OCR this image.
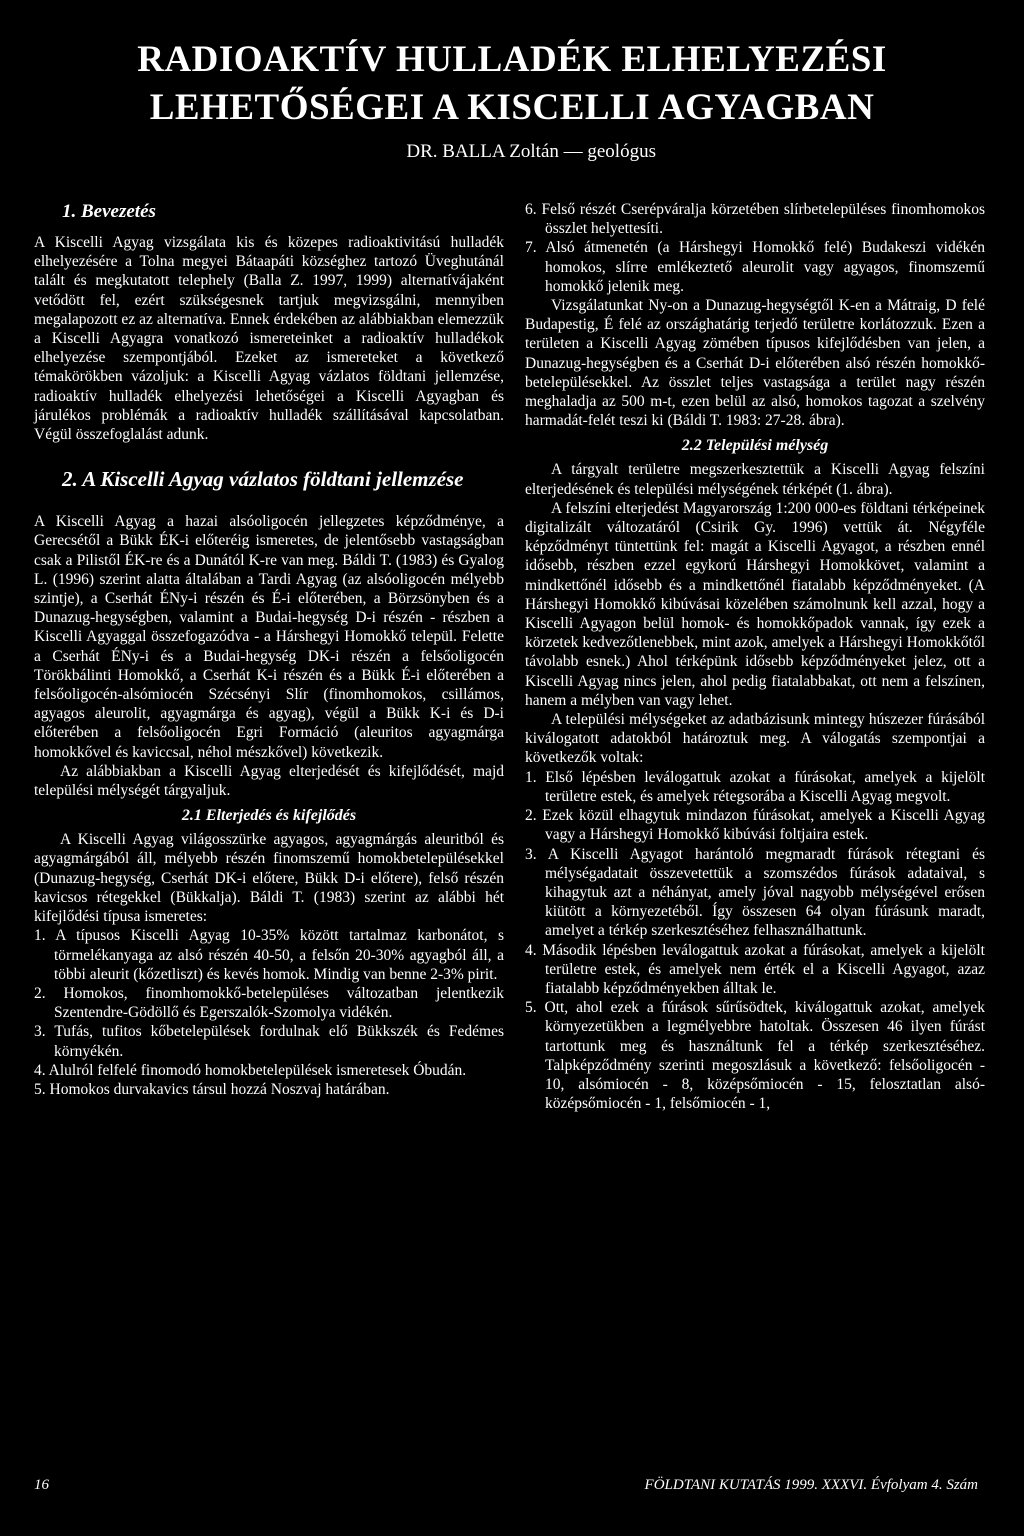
RADIOAKTÍV HULLADÉK ELHELYEZÉSI
LEHETŐSÉGEI A KISCELLI AGYAGBAN
DR. BALLA Zoltán — geológus
1. Bevezetés

A Kiscelli Agyag vizsgálata kis és közepes radioaktivitású hulladék elhelyezésére a Tolna megyei Bátaapáti községhez tartozó Üveghutánál talált és megkutatott telephely (Balla Z. 1997, 1999) alternatívájaként vetődött fel, ezért szükségesnek tartjuk megvizsgálni, mennyiben megalapozott ez az alternatíva. Ennek érdekében az alábbiakban elemezzük a Kiscelli Agyagra vonatkozó ismereteinket a radioaktív hulladékok elhelyezése szempontjából. Ezeket az ismereteket a következő témakörökben vázoljuk: a Kiscelli Agyag vázlatos földtani jellemzése, radioaktív hulladék elhelyezési lehetőségei a Kiscelli Agyagban és járulékos problémák a radioaktív hulladék szállításával kapcsolatban. Végül összefoglalást adunk.

2. A Kiscelli Agyag vázlatos földtani jellemzése

A Kiscelli Agyag a hazai alsóoligocén jellegzetes képződménye, a Gerecsétől a Bükk ÉK-i előteréig ismeretes, de jelentősebb vastagságban csak a Pilistől ÉK-re és a Dunától K-re van meg. Báldi T. (1983) és Gyalog L. (1996) szerint alatta általában a Tardi Agyag (az alsóoligocén mélyebb szintje), a Cserhát ÉNy-i részén és É-i előterében, a Börzsönyben és a Dunazug-hegységben, valamint a Budai-hegység D-i részén - részben a Kiscelli Agyaggal összefogazódva - a Hárshegyi Homokkő települ. Felette a Cserhát ÉNy-i és a Budai-hegység DK-i részén a felsőoligocén Törökbálinti Homokkő, a Cserhát K-i részén és a Bükk É-i előterében a felsőoligocén-alsómiocén Szécsényi Slír (finomhomokos, csillámos, agyagos aleurolit, agyagmárga és agyag), végül a Bükk K-i és D-i előterében a felsőoligocén Egri Formáció (aleuritos agyagmárga homokkővel és kaviccsal, néhol mészkővel) következik.

Az alábbiakban a Kiscelli Agyag elterjedését és kifejlődését, majd települési mélységét tárgyaljuk.

2.1 Elterjedés és kifejlődés

A Kiscelli Agyag világosszürke agyagos, agyagmárgás aleuritból és agyagmárgából áll, mélyebb részén finomszemű homokbetelepülésekkel (Dunazug-hegység, Cserhát DK-i előtere, Bükk D-i előtere), felső részén kavicsos rétegekkel (Bükkalja). Báldi T. (1983) szerint az alábbi hét kifejlődési típusa ismeretes:

1. A típusos Kiscelli Agyag 10-35% között tartalmaz karbonátot, s törmelékanyaga az alsó részén 40-50, a felsőn 20-30% agyagból áll, a többi aleurit (kőzetliszt) és kevés homok. Mindig van benne 2-3% pirit.
2. Homokos, finomhomokkő-betelepüléses változatban jelentkezik Szentendre-Gödöllő és Egerszalók-Szomolya vidékén.
3. Tufás, tufitos kőbetelepülések fordulnak elő Bükkszék és Fedémes környékén.
4. Alulról felfelé finomodó homokbetelepülések ismeretesek Óbudán.
5. Homokos durvakavics társul hozzá Noszvaj határában.
6. Felső részét Cserépváralja körzetében slírbetelepüléses finomhomokos összlet helyettesíti.
7. Alsó átmenetén (a Hárshegyi Homokkő felé) Budakeszi vidékén homokos, slírre emlékeztető aleurolit vagy agyagos, finomszemű homokkő jelenik meg.

Vizsgálatunkat Ny-on a Dunazug-hegységtől K-en a Mátraig, D felé Budapestig, É felé az országhatárig terjedő területre korlátozzuk. Ezen a területen a Kiscelli Agyag zömében típusos kifejlődésben van jelen, a Dunazug-hegységben és a Cserhát D-i előterében alsó részén homokkő-betelepülésekkel. Az összlet teljes vastagsága a terület nagy részén meghaladja az 500 m-t, ezen belül az alsó, homokos tagozat a szelvény harmadát-felét teszi ki (Báldi T. 1983: 27-28. ábra).

2.2 Települési mélység

A tárgyalt területre megszerkesztettük a Kiscelli Agyag felszíni elterjedésének és települési mélységének térképét (1. ábra).

A felszíni elterjedést Magyarország 1:200 000-es földtani térképeinek digitalizált változatáról (Csirik Gy. 1996) vettük át. Négyféle képződményt tüntettünk fel: magát a Kiscelli Agyagot, a részben ennél idősebb, részben ezzel egykorú Hárshegyi Homokkövet, valamint a mindkettőnél idősebb és a mindkettőnél fiatalabb képződményeket. (A Hárshegyi Homokkő kibúvásai közelében számolnunk kell azzal, hogy a Kiscelli Agyagon belül homok- és homokkőpadok vannak, így ezek a körzetek kedvezőtlenebbek, mint azok, amelyek a Hárshegyi Homokkőtől távolabb esnek.) Ahol térképünk idősebb képződményeket jelez, ott a Kiscelli Agyag nincs jelen, ahol pedig fiatalabbakat, ott nem a felszínen, hanem a mélyben van vagy lehet.

A települési mélységeket az adatbázisunk mintegy húszezer fúrásából kiválogatott adatokból határoztuk meg. A válogatás szempontjai a következők voltak:

1. Első lépésben leválogattuk azokat a fúrásokat, amelyek a kijelölt területre estek, és amelyek rétegsorába a Kiscelli Agyag megvolt.
2. Ezek közül elhagytuk mindazon fúrásokat, amelyek a Kiscelli Agyag vagy a Hárshegyi Homokkő kibúvási foltjaira estek.
3. A Kiscelli Agyagot harántoló megmaradt fúrások rétegtani és mélységadatait összevetettük a szomszédos fúrások adataival, s kihagytuk azt a néhányat, amely jóval nagyobb mélységével erősen kiütött a környezetéből. Így összesen 64 olyan fúrásunk maradt, amelyet a térkép szerkesztéséhez felhasználhattunk.
4. Második lépésben leválogattuk azokat a fúrásokat, amelyek a kijelölt területre estek, és amelyek nem érték el a Kiscelli Agyagot, azaz fiatalabb képződményekben álltak le.
5. Ott, ahol ezek a fúrások sűrűsödtek, kiválogattuk azokat, amelyek környezetükben a legmélyebbre hatoltak. Összesen 46 ilyen fúrást tartottunk meg és használtunk fel a térkép szerkesztéséhez. Talpképződmény szerinti megoszlásuk a következő: felsőoligocén - 10, alsómiocén - 8, középsőmiocén - 15, felosztatlan alsó-középsőmiocén - 1, felsőmiocén - 1,
16	FÖLDTANI KUTATÁS 1999. XXXVI. Évfolyam 4. Szám
